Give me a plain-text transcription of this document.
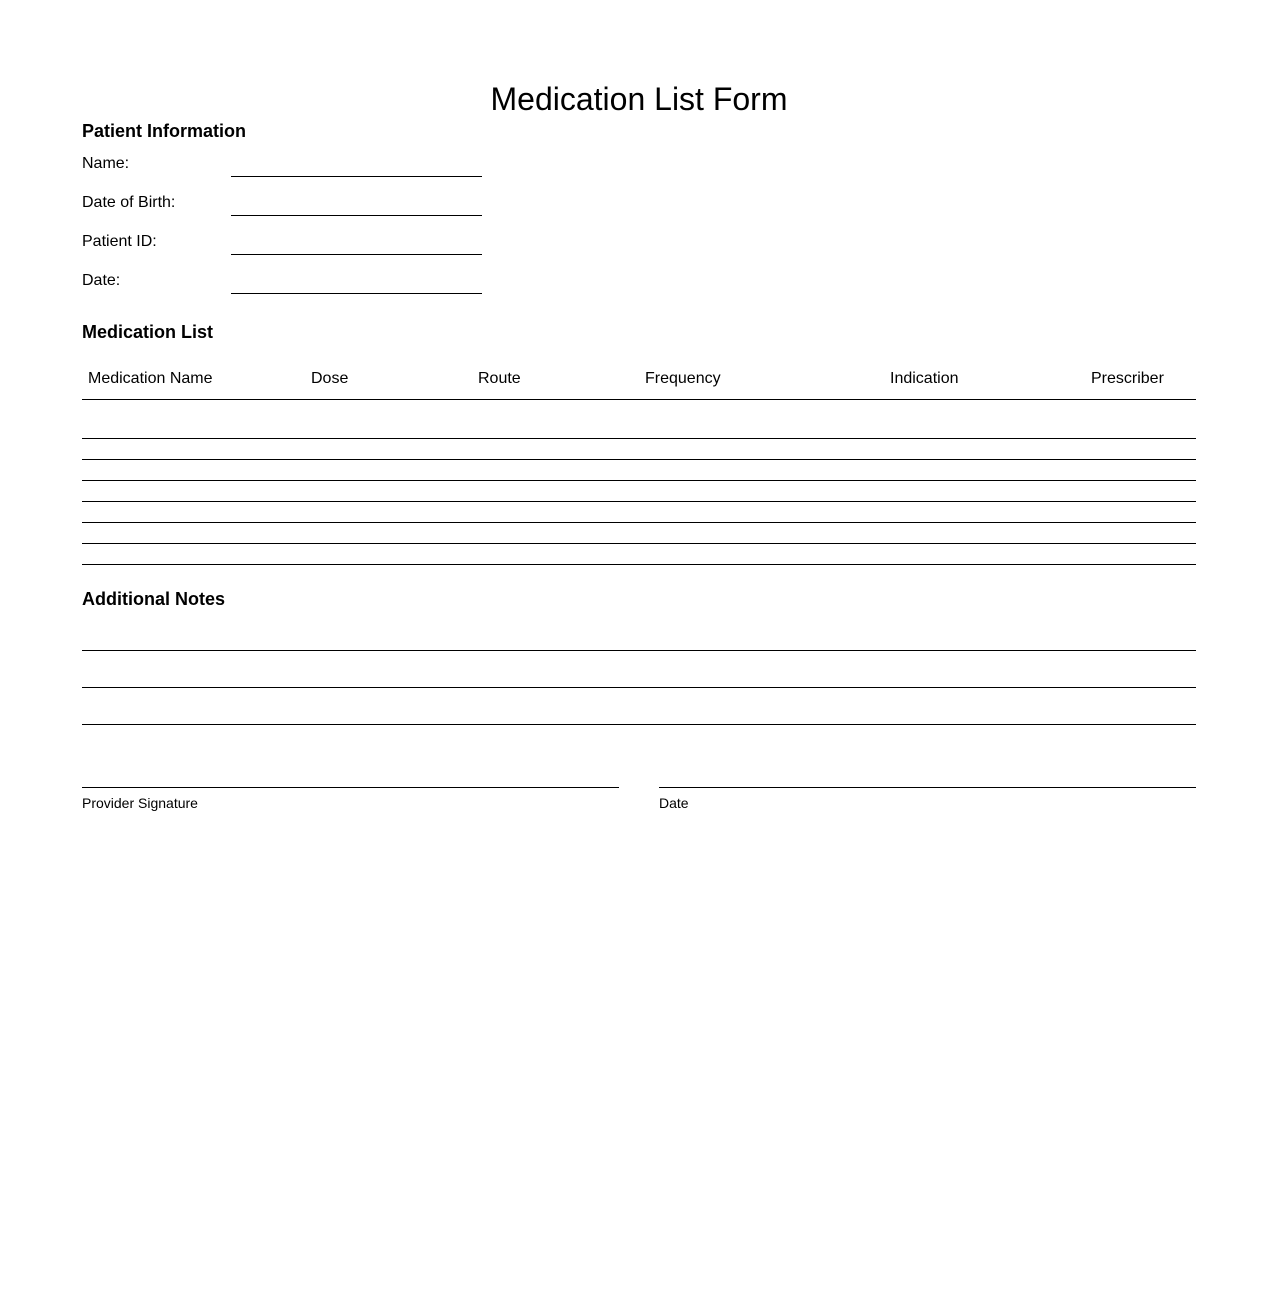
Medication List Form
Patient Information
Name:
Date of Birth:
Patient ID:
Date:
Medication List
Medication Name	Dose	Route	Frequency	Indication	Prescriber
Additional Notes
Provider Signature	Date
